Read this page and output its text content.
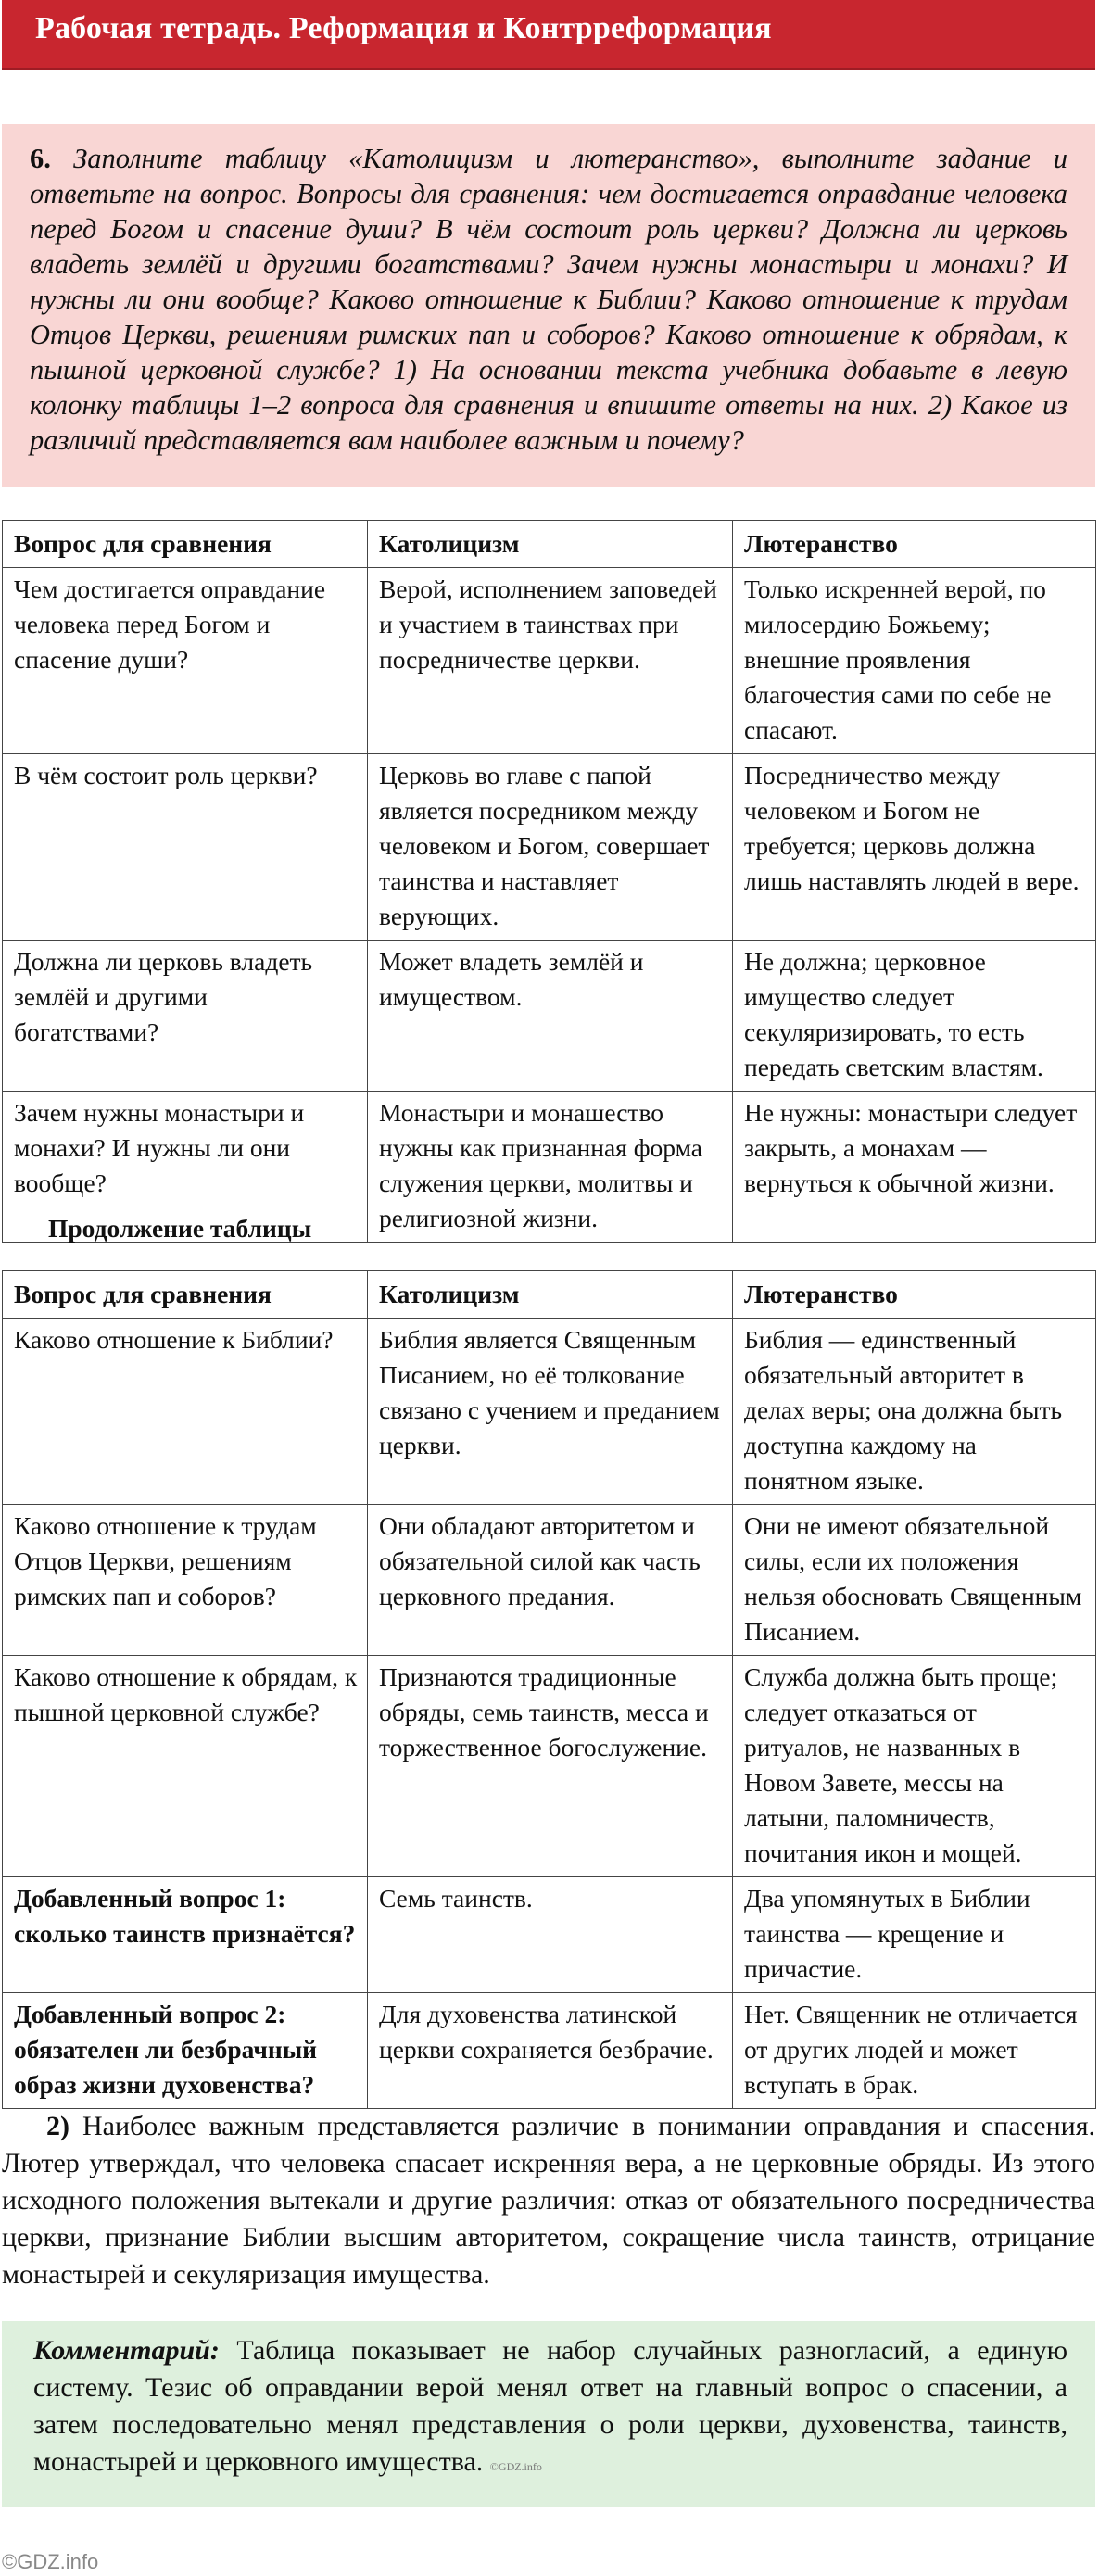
Рабочая тетрадь. Реформация и Контрреформация
6. Заполните таблицу «Католицизм и лютеранство», выполните задание и ответьте на вопрос. Вопросы для сравнения: чем достигается оправдание человека перед Богом и спасение души? В чём состоит роль церкви? Должна ли церковь владеть землёй и другими богатствами? Зачем нужны монастыри и монахи? И нужны ли они вообще? Каково отношение к Библии? Каково отношение к трудам Отцов Церкви, решениям римских пап и соборов? Каково отношение к обрядам, к пышной церковной службе? 1) На основании текста учебника добавьте в левую колонку таблицы 1–2 вопроса для сравнения и впишите ответы на них. 2) Какое из различий представляется вам наиболее важным и почему?
Вопрос для сравнения	Католицизм	Лютеранство
Чем достигается оправдание человека перед Богом и спасение души?	Верой, исполнением заповедей и участием в таинствах при посредничестве церкви.	Только искренней верой, по милосердию Божьему; внешние проявления благочестия сами по себе не спасают.
В чём состоит роль церкви?	Церковь во главе с папой является посредником между человеком и Богом, совершает таинства и наставляет верующих.	Посредничество между человеком и Богом не требуется; церковь должна лишь наставлять людей в вере.
Должна ли церковь владеть землёй и другими богатствами?	Может владеть землёй и имуществом.	Не должна; церковное имущество следует секуляризировать, то есть передать светским властям.
Зачем нужны монастыри и монахи? И нужны ли они вообще?	Монастыри и монашество нужны как признанная форма служения церкви, молитвы и религиозной жизни.	Не нужны: монастыри следует закрыть, а монахам — вернуться к обычной жизни.
Продолжение таблицы
Вопрос для сравнения	Католицизм	Лютеранство
Каково отношение к Библии?	Библия является Священным Писанием, но её толкование связано с учением и преданием церкви.	Библия — единственный обязательный авторитет в делах веры; она должна быть доступна каждому на понятном языке.
Каково отношение к трудам Отцов Церкви, решениям римских пап и соборов?	Они обладают авторитетом и обязательной силой как часть церковного предания.	Они не имеют обязательной силы, если их положения нельзя обосновать Священным Писанием.
Каково отношение к обрядам, к пышной церковной службе?	Признаются традиционные обряды, семь таинств, месса и торжественное богослужение.	Служба должна быть проще; следует отказаться от ритуалов, не названных в Новом Завете, мессы на латыни, паломничеств, почитания икон и мощей.
Добавленный вопрос 1: сколько таинств признаётся?	Семь таинств.	Два упомянутых в Библии таинства — крещение и причастие.
Добавленный вопрос 2: обязателен ли безбрачный образ жизни духовенства?	Для духовенства латинской церкви сохраняется безбрачие.	Нет. Священник не отличается от других людей и может вступать в брак.
2) Наиболее важным представляется различие в понимании оправдания и спасения. Лютер утверждал, что человека спасает искренняя вера, а не церковные обряды. Из этого исходного положения вытекали и другие различия: отказ от обязательного посредничества церкви, признание Библии высшим авторитетом, сокращение числа таинств, отрицание монастырей и секуляризация имущества.
Комментарий: Таблица показывает не набор случайных разногласий, а единую систему. Тезис об оправдании верой менял ответ на главный вопрос о спасении, а затем последовательно менял представления о роли церкви, духовенства, таинств, монастырей и церковного имущества. ©GDZ.info
©GDZ.info
